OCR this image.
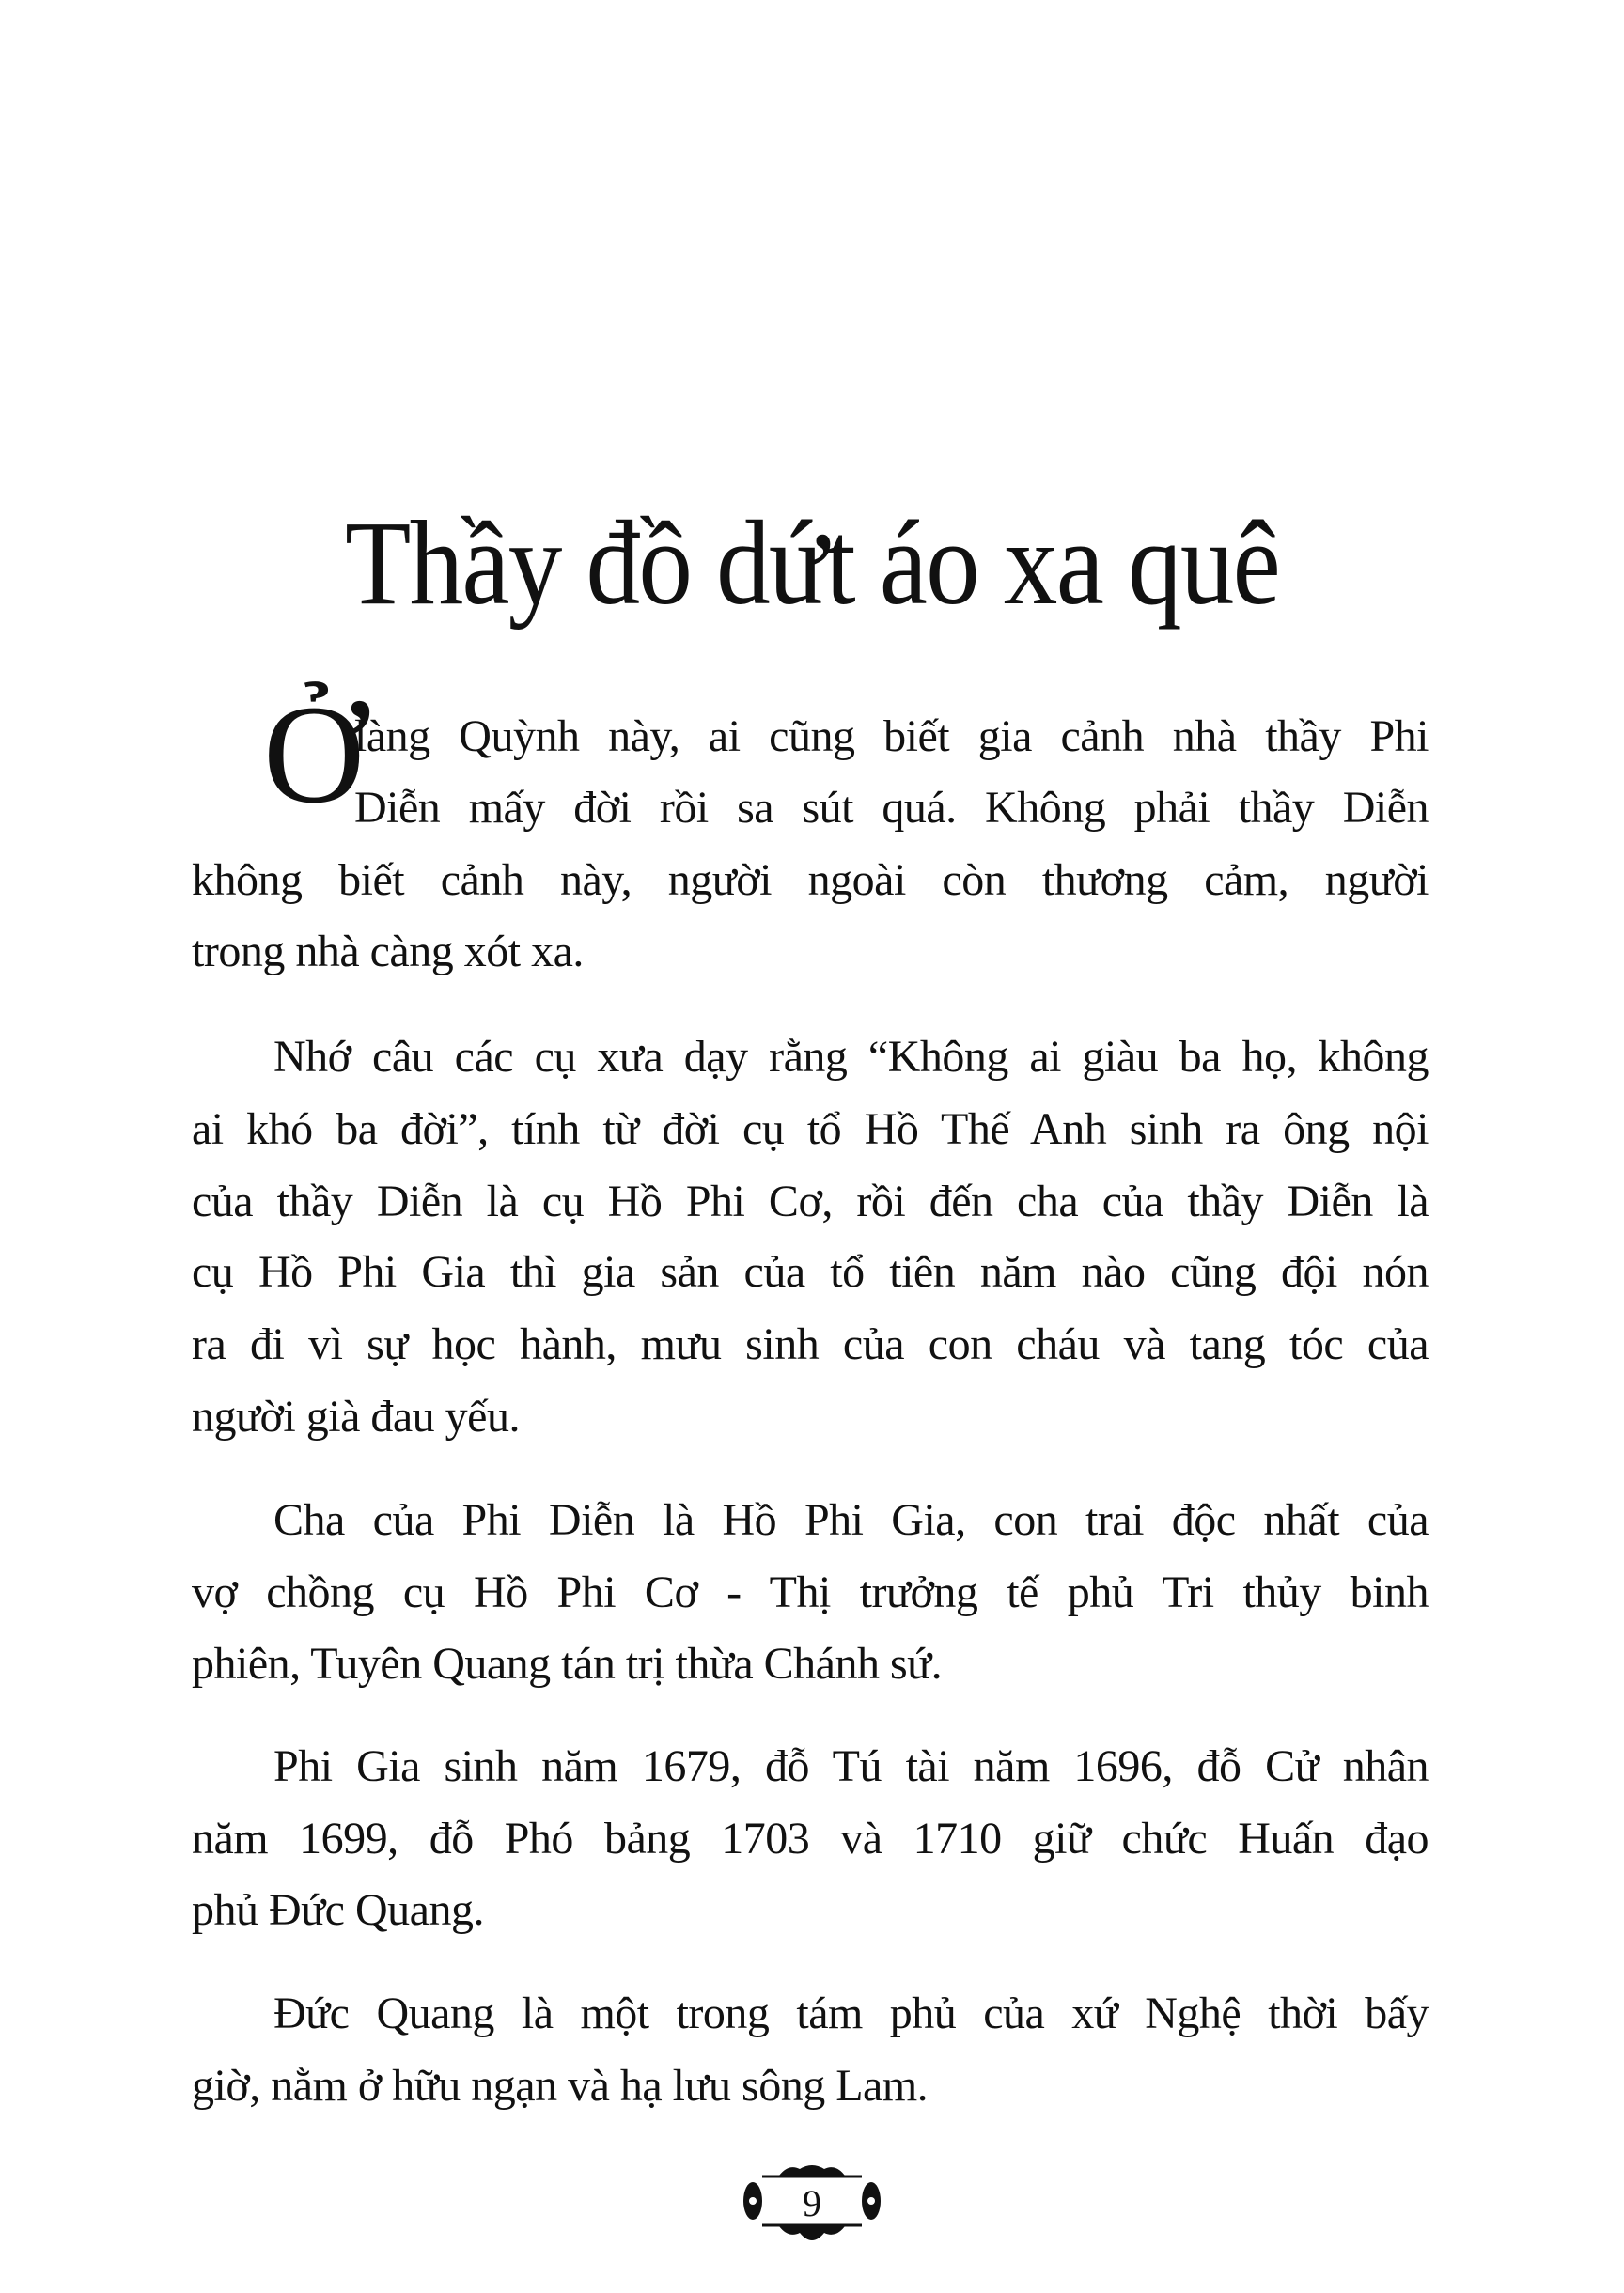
Thầy đồ dứt áo xa quê
Ở
làng Quỳnh này, ai cũng biết gia cảnh nhà thầy Phi
Diễn mấy đời rồi sa sút quá. Không phải thầy Diễn
không biết cảnh này, người ngoài còn thương cảm, người
trong nhà càng xót xa.
Nhớ câu các cụ xưa dạy rằng “Không ai giàu ba họ, không
ai khó ba đời”, tính từ đời cụ tổ Hồ Thế Anh sinh ra ông nội
của thầy Diễn là cụ Hồ Phi Cơ, rồi đến cha của thầy Diễn là
cụ Hồ Phi Gia thì gia sản của tổ tiên năm nào cũng đội nón
ra đi vì sự học hành, mưu sinh của con cháu và tang tóc của
người già đau yếu.
Cha của Phi Diễn là Hồ Phi Gia, con trai độc nhất của
vợ chồng cụ Hồ Phi Cơ - Thị trưởng tế phủ Tri thủy binh
phiên, Tuyên Quang tán trị thừa Chánh sứ.
Phi Gia sinh năm 1679, đỗ Tú tài năm 1696, đỗ Cử nhân
năm 1699, đỗ Phó bảng 1703 và 1710 giữ chức Huấn đạo
phủ Đức Quang.
Đức Quang là một trong tám phủ của xứ Nghệ thời bấy
giờ, nằm ở hữu ngạn và hạ lưu sông Lam.
9
